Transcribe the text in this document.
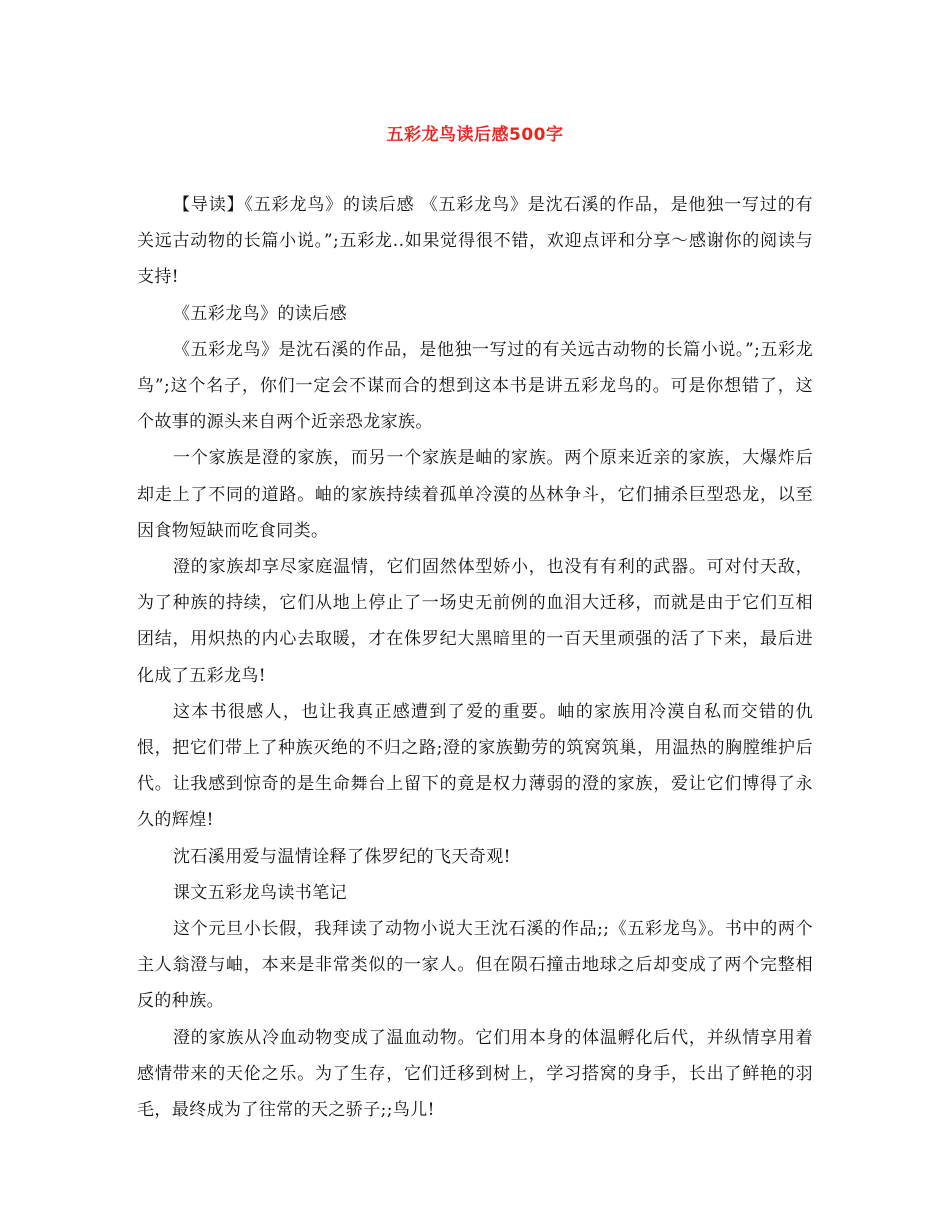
五彩龙鸟读后感500字

【导读】《五彩龙鸟》的读后感 《五彩龙鸟》是沈石溪的作品，是他独一写过的有关远古动物的长篇小说。”;五彩龙..如果觉得很不错，欢迎点评和分享～感谢你的阅读与支持!

《五彩龙鸟》的读后感

《五彩龙鸟》是沈石溪的作品，是他独一写过的有关远古动物的长篇小说。”;五彩龙鸟”;这个名子，你们一定会不谋而合的想到这本书是讲五彩龙鸟的。可是你想错了，这个故事的源头来自两个近亲恐龙家族。

一个家族是澄的家族，而另一个家族是岫的家族。两个原来近亲的家族，大爆炸后却走上了不同的道路。岫的家族持续着孤单冷漠的丛林争斗，它们捕杀巨型恐龙，以至因食物短缺而吃食同类。

澄的家族却享尽家庭温情，它们固然体型娇小，也没有有利的武器。可对付天敌，为了种族的持续，它们从地上停止了一场史无前例的血泪大迁移，而就是由于它们互相团结，用炽热的内心去取暖，才在侏罗纪大黑暗里的一百天里顽强的活了下来，最后进化成了五彩龙鸟!

这本书很感人，也让我真正感遭到了爱的重要。岫的家族用冷漠自私而交错的仇恨，把它们带上了种族灭绝的不归之路;澄的家族勤劳的筑窝筑巢，用温热的胸膛维护后代。让我感到惊奇的是生命舞台上留下的竟是权力薄弱的澄的家族，爱让它们博得了永久的辉煌!

沈石溪用爱与温情诠释了侏罗纪的飞天奇观!

课文五彩龙鸟读书笔记

这个元旦小长假，我拜读了动物小说大王沈石溪的作品;;《五彩龙鸟》。书中的两个主人翁澄与岫，本来是非常类似的一家人。但在陨石撞击地球之后却变成了两个完整相反的种族。

澄的家族从冷血动物变成了温血动物。它们用本身的体温孵化后代，并纵情享用着感情带来的天伦之乐。为了生存，它们迁移到树上，学习搭窝的身手，长出了鲜艳的羽毛，最终成为了往常的天之骄子;;鸟儿!
